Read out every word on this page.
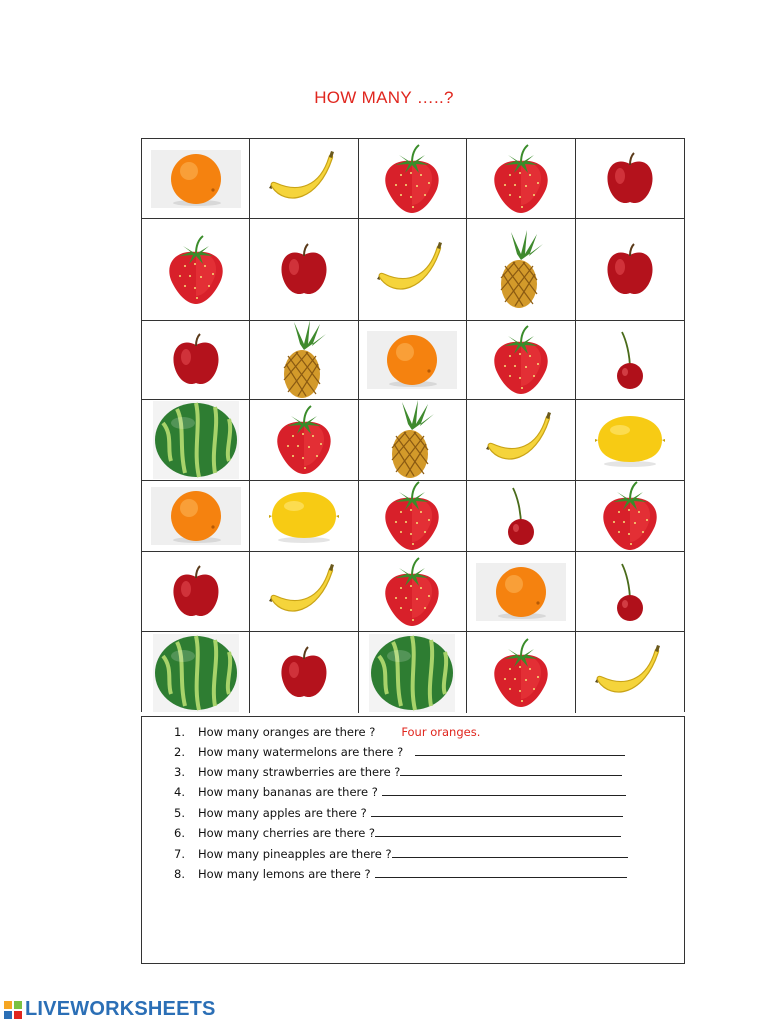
HOW MANY …..?
1. How many oranges are there ? Four oranges.
2. How many watermelons are there ?
3. How many strawberries are there ?
4. How many bananas are there ?
5. How many apples are there ?
6. How many cherries are there ?
7. How many pineapples are there ?
8. How many lemons are there ?
LIVEWORKSHEETS
